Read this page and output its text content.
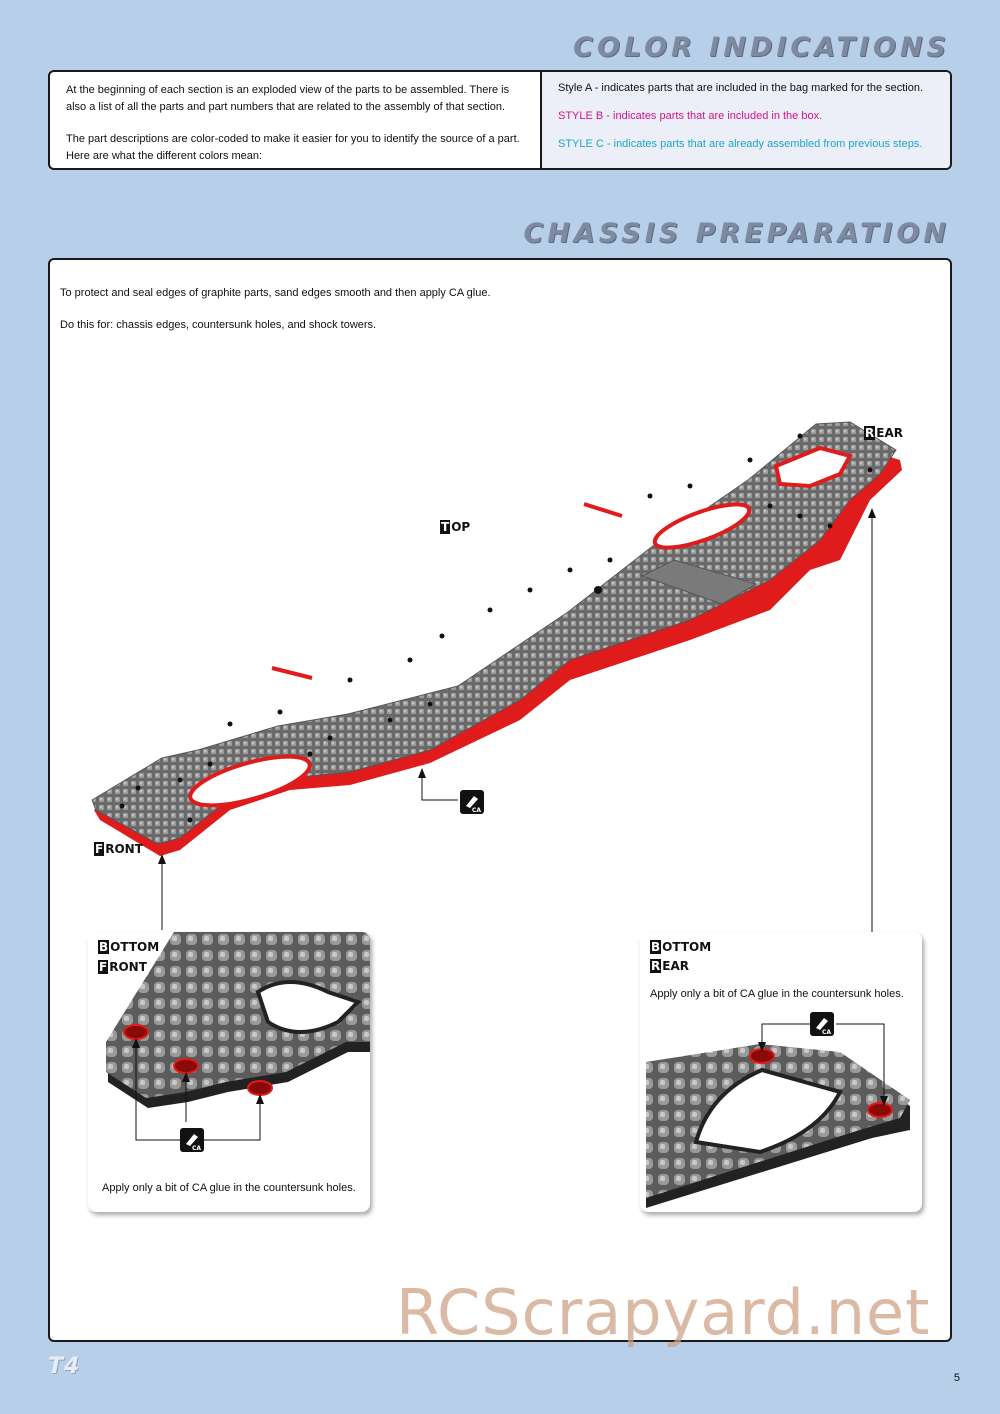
COLOR INDICATIONS

At the beginning of each section is an exploded view of the parts to be assembled. There is also a list of all the parts and part numbers that are related to the assembly of that section.

The part descriptions are color-coded to make it easier for you to identify the source of a part. Here are what the different colors mean:

Style A - indicates parts that are included in the bag marked for the section.

STYLE B - indicates parts that are included in the box.

STYLE C - indicates parts that are already assembled from previous steps.

CHASSIS PREPARATION
To protect and seal edges of graphite parts, sand edges smooth and then apply CA glue.
Do this for: chassis edges, countersunk holes, and shock towers.
CA
R EAR
T OP
F RONT
CA
B OTTOM
F RONT
Apply only a bit of CA glue in the countersunk holes.
CA
B OTTOM
R EAR
Apply only a bit of CA glue in the countersunk holes.
T4
RCScrapyard.net
5
